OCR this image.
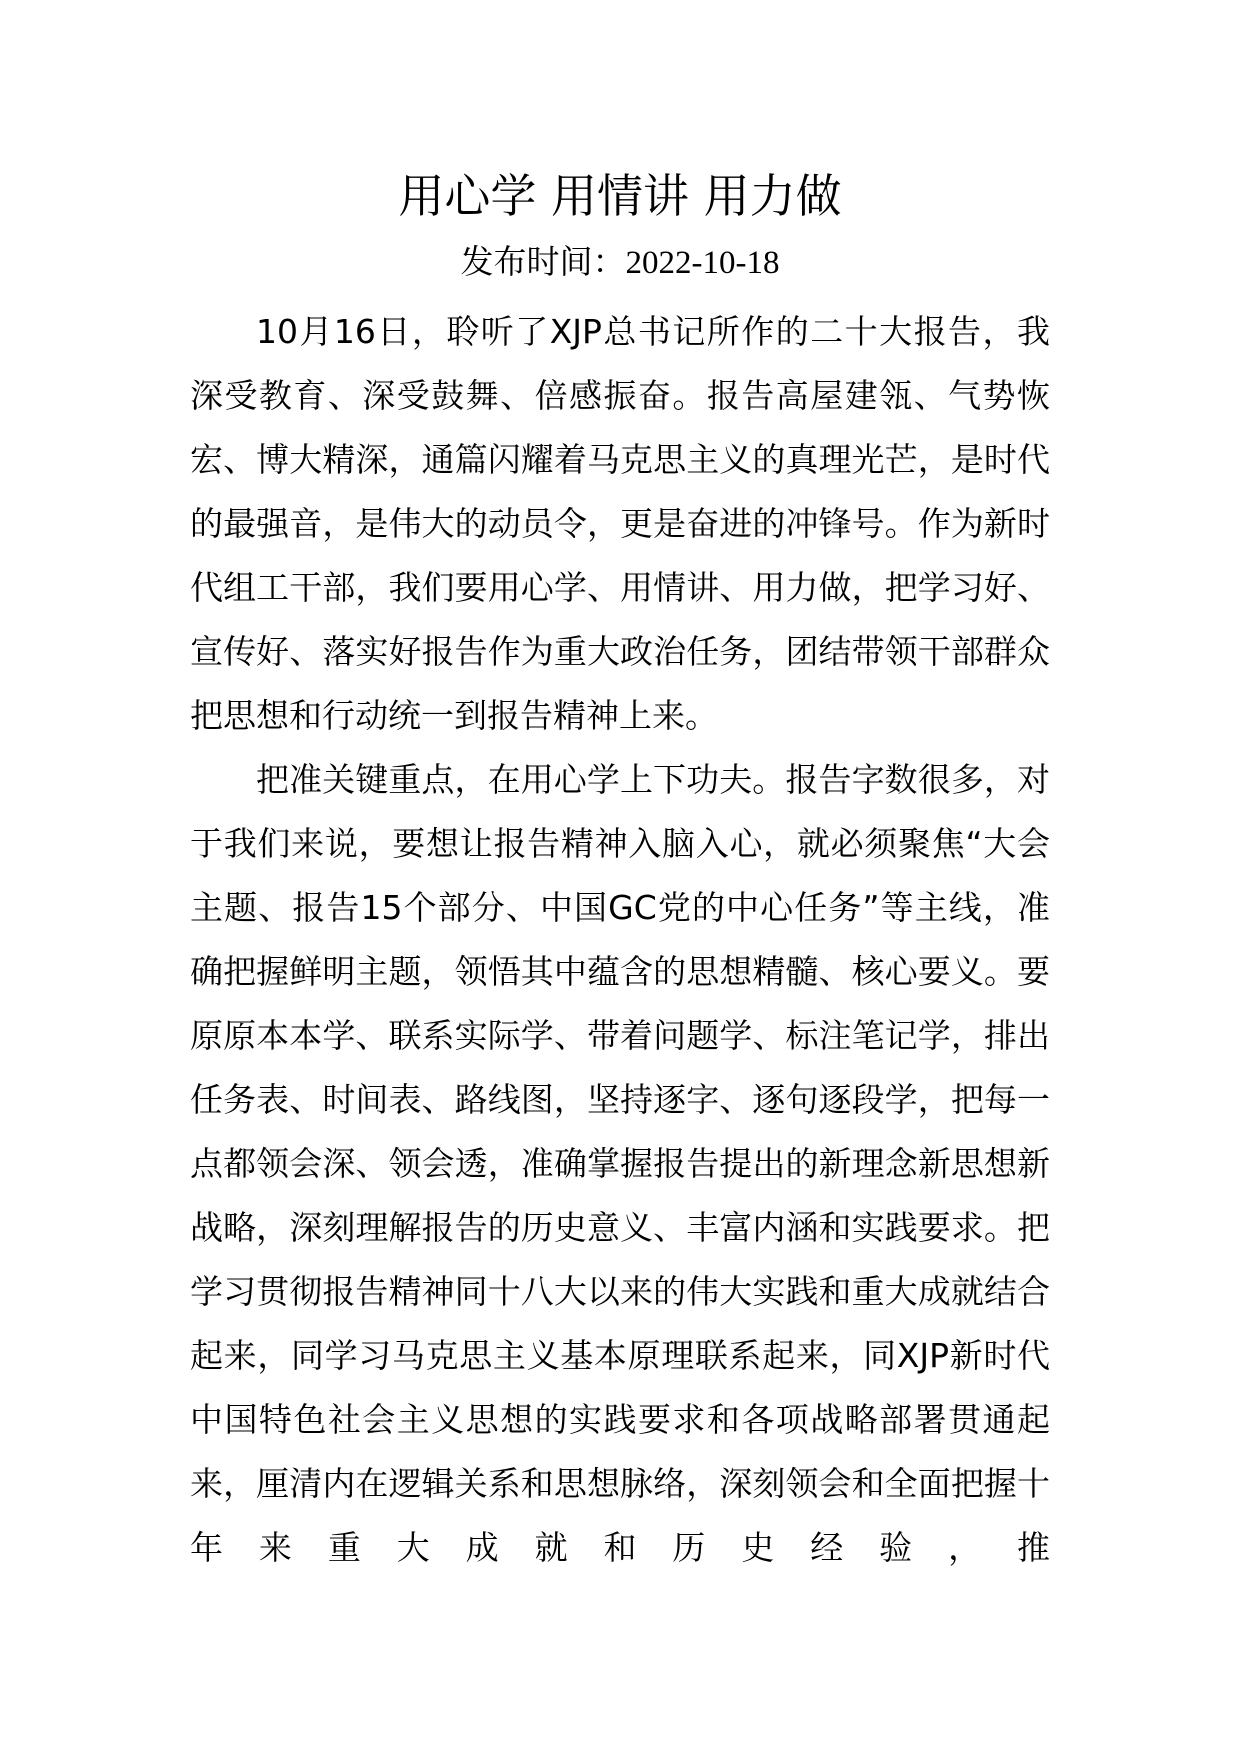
用心学 用情讲 用力做
发布时间：2022-10-18

10月16日，聆听了XJP总书记所作的二十大报告，我深受教育、深受鼓舞、倍感振奋。报告高屋建瓴、气势恢宏、博大精深，通篇闪耀着马克思主义的真理光芒，是时代的最强音，是伟大的动员令，更是奋进的冲锋号。作为新时代组工干部，我们要用心学、用情讲、用力做，把学习好、宣传好、落实好报告作为重大政治任务，团结带领干部群众把思想和行动统一到报告精神上来。

把准关键重点，在用心学上下功夫。报告字数很多，对于我们来说，要想让报告精神入脑入心，就必须聚焦“大会主题、报告15个部分、中国GC党的中心任务”等主线，准确把握鲜明主题，领悟其中蕴含的思想精髓、核心要义。要原原本本学、联系实际学、带着问题学、标注笔记学，排出任务表、时间表、路线图，坚持逐字、逐句逐段学，把每一点都领会深、领会透，准确掌握报告提出的新理念新思想新战略，深刻理解报告的历史意义、丰富内涵和实践要求。把学习贯彻报告精神同十八大以来的伟大实践和重大成就结合起来，同学习马克思主义基本原理联系起来，同XJP新时代中国特色社会主义思想的实践要求和各项战略部署贯通起来，厘清内在逻辑关系和思想脉络，深刻领会和全面把握十年来重大成就和历史经验，推
